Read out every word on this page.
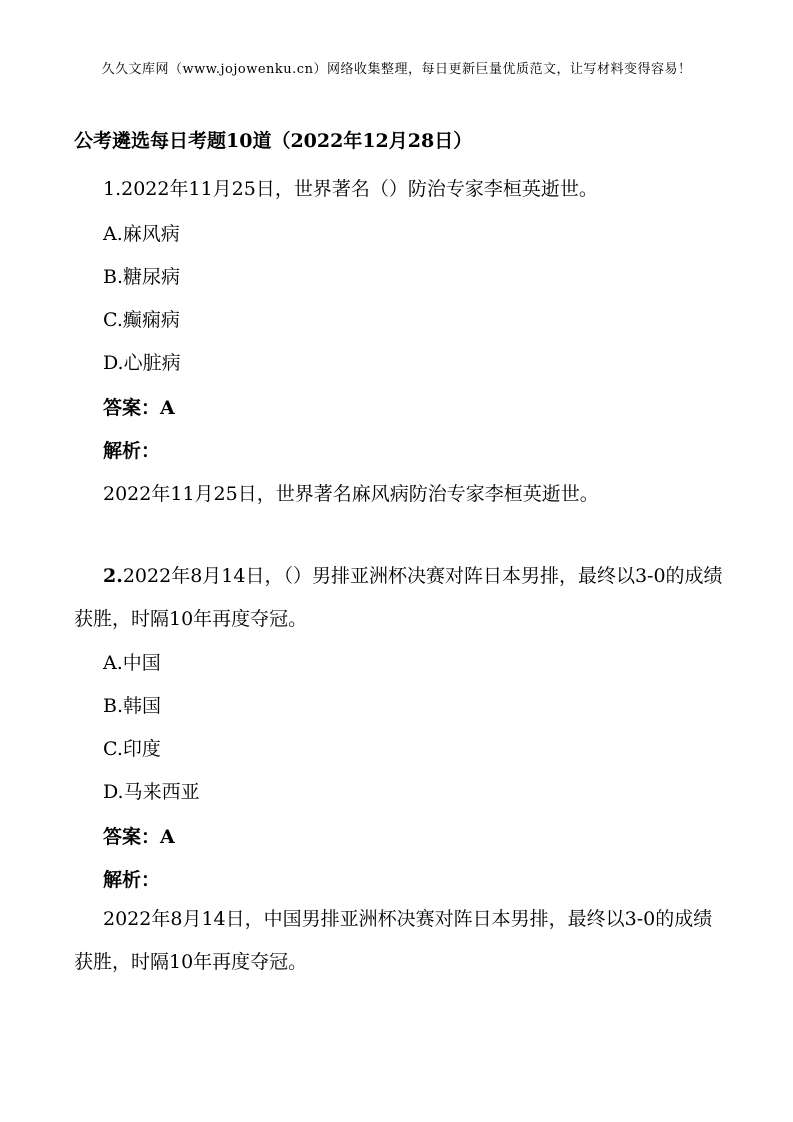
久久文库网（www.jojowenku.cn）网络收集整理，每日更新巨量优质范文，让写材料变得容易！
公考遴选每日考题10道（2022年12月28日）
1.2022年11月25日，世界著名（）防治专家李桓英逝世。
A.麻风病
B.糖尿病
C.癫痫病
D.心脏病
答案：A
解析：
2022年11月25日，世界著名麻风病防治专家李桓英逝世。
2.2022年8月14日，（）男排亚洲杯决赛对阵日本男排，最终以3-0的成绩获胜，时隔10年再度夺冠。
A.中国
B.韩国
C.印度
D.马来西亚
答案：A
解析：
2022年8月14日，中国男排亚洲杯决赛对阵日本男排，最终以3-0的成绩获胜，时隔10年再度夺冠。
